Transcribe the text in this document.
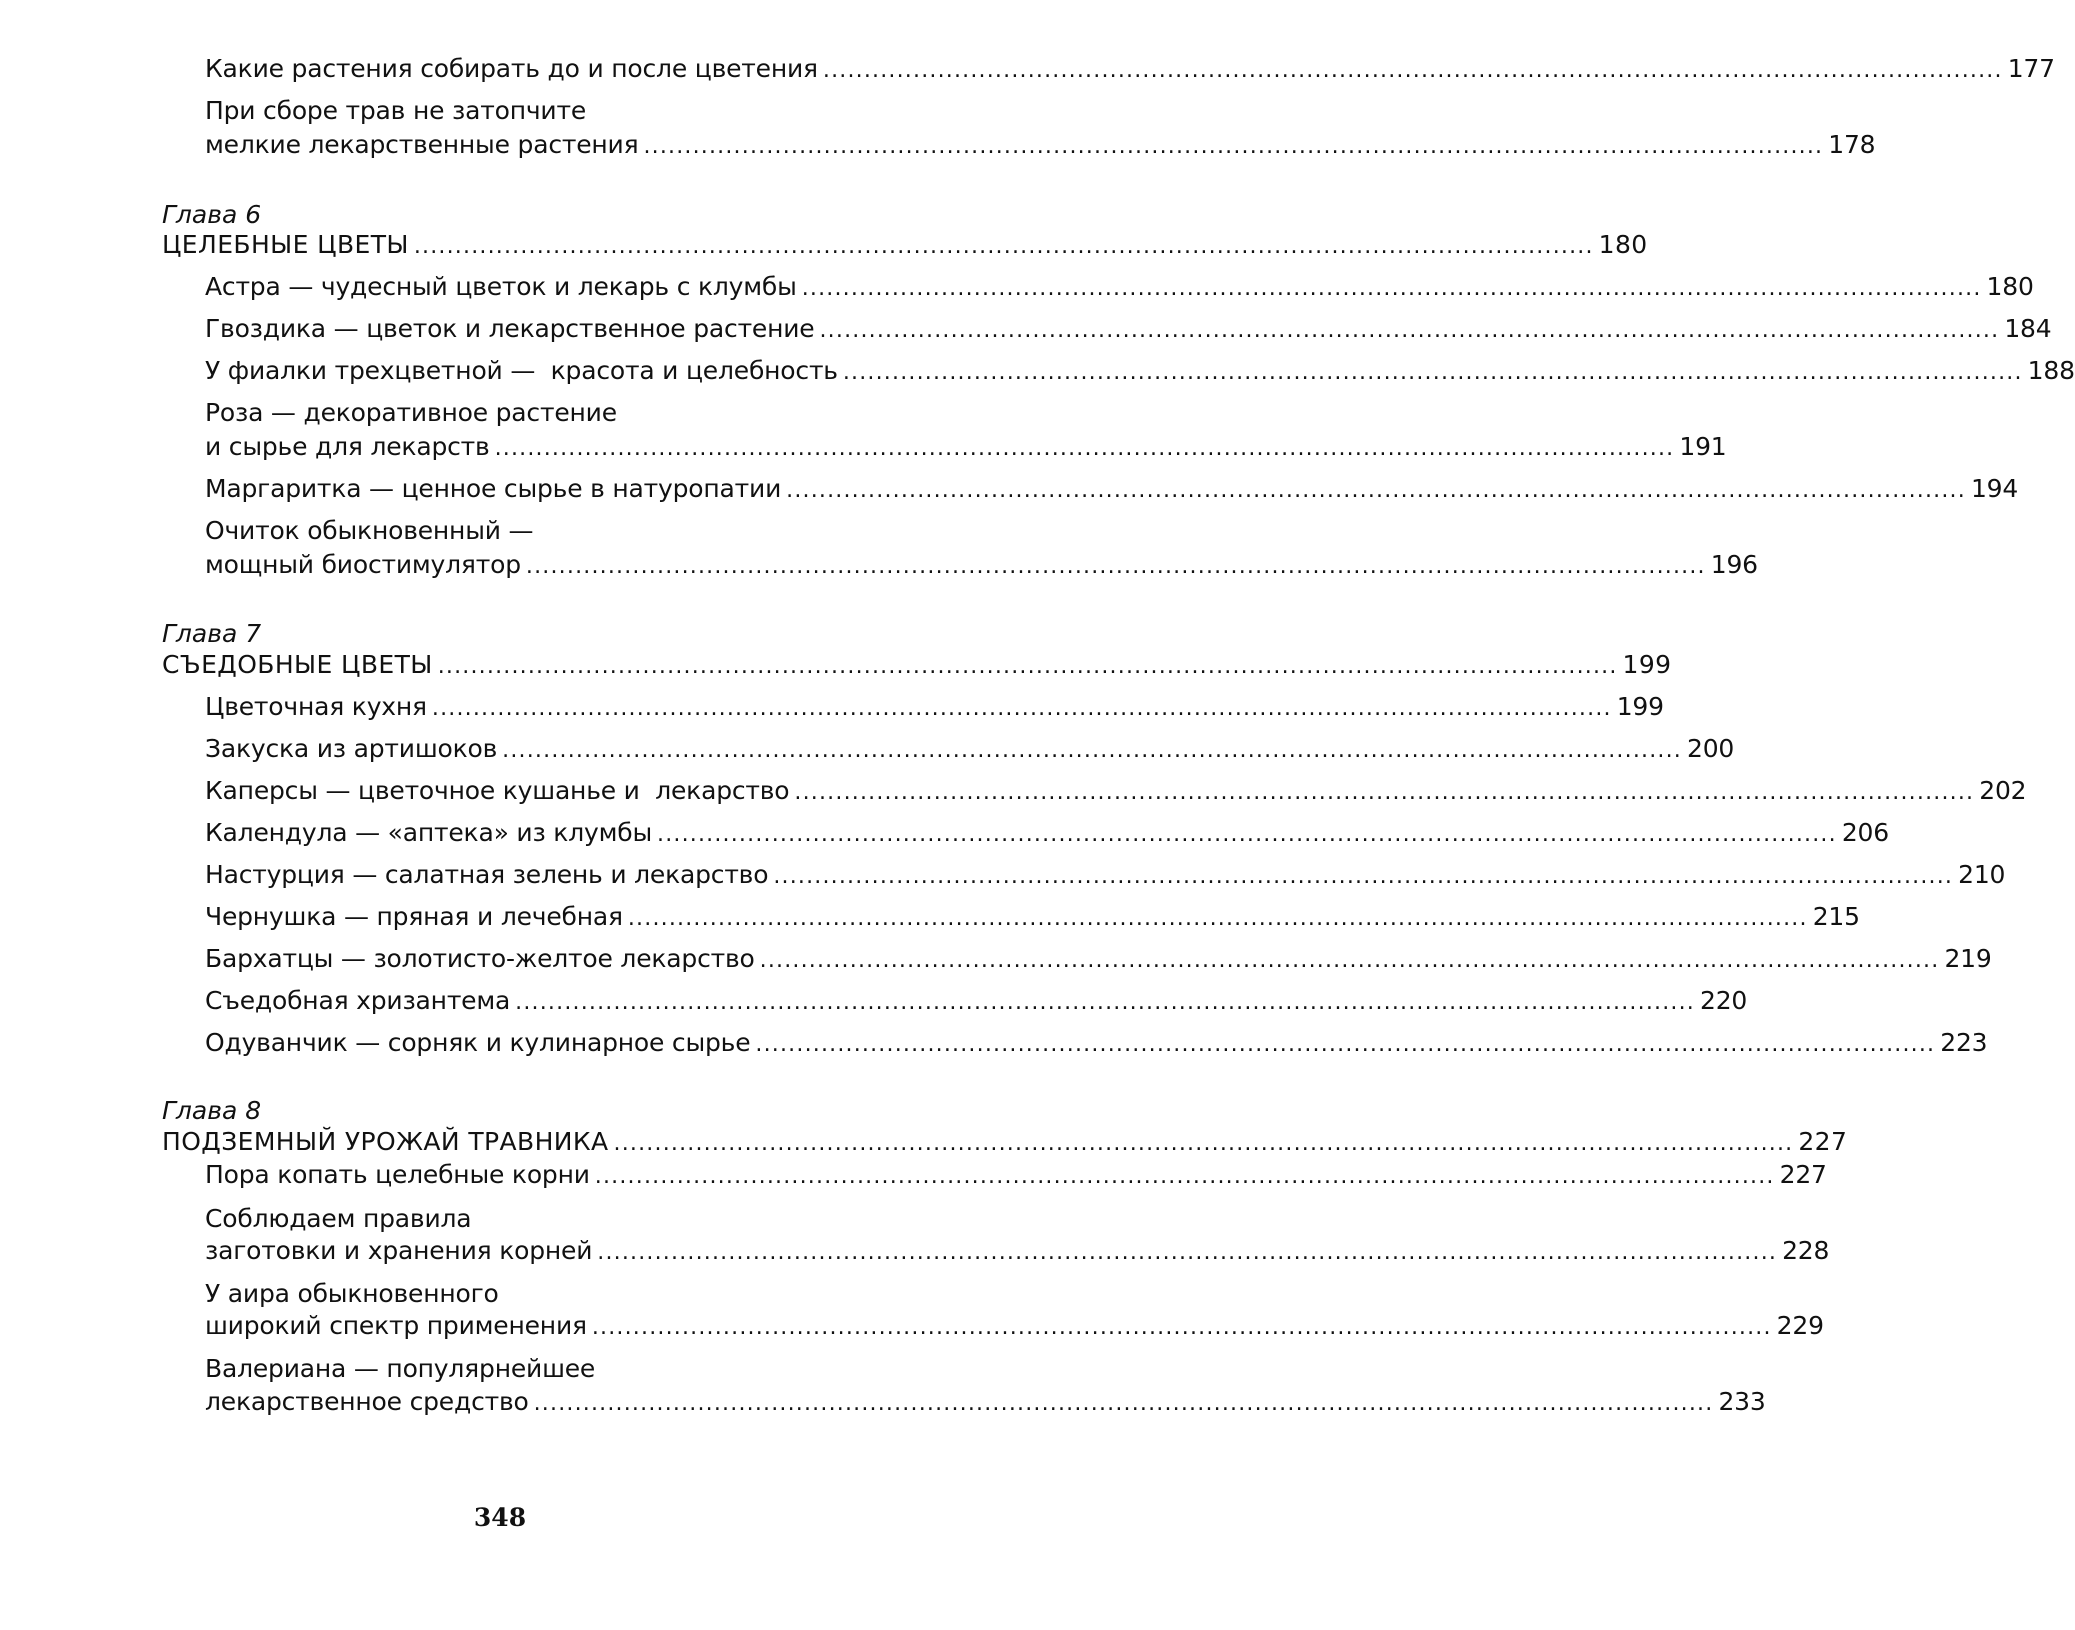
Какие растения собирать до и после цветения ................................................................................................................................................ 177
При сборе трав не затопчите
мелкие лекарственные растения ................................................................................................................................................ 178
Глава 6
ЦЕЛЕБНЫЕ ЦВЕТЫ ................................................................................................................................................ 180
Астра — чудесный цветок и лекарь с клумбы ................................................................................................................................................ 180
Гвоздика — цветок и лекарственное растение ................................................................................................................................................ 184
У фиалки трехцветной —  красота и целебность ................................................................................................................................................ 188
Роза — декоративное растение
и сырье для лекарств ................................................................................................................................................ 191
Маргаритка — ценное сырье в натуропатии ................................................................................................................................................ 194
Очиток обыкновенный —
мощный биостимулятор ................................................................................................................................................ 196
Глава 7
СЪЕДОБНЫЕ ЦВЕТЫ ................................................................................................................................................ 199
Цветочная кухня ................................................................................................................................................ 199
Закуска из артишоков ................................................................................................................................................ 200
Каперсы — цветочное кушанье и  лекарство ................................................................................................................................................ 202
Календула — «аптека» из клумбы ................................................................................................................................................ 206
Настурция — салатная зелень и лекарство ................................................................................................................................................ 210
Чернушка — пряная и лечебная ................................................................................................................................................ 215
Бархатцы — золотисто-желтое лекарство ................................................................................................................................................ 219
Съедобная хризантема ................................................................................................................................................ 220
Одуванчик — сорняк и кулинарное сырье ................................................................................................................................................ 223
Глава 8
ПОДЗЕМНЫЙ УРОЖАЙ ТРАВНИКА ................................................................................................................................................ 227
Пора копать целебные корни ................................................................................................................................................ 227
Соблюдаем правила
заготовки и хранения корней ................................................................................................................................................ 228
У аира обыкновенного
широкий спектр применения ................................................................................................................................................ 229
Валериана — популярнейшее
лекарственное средство ................................................................................................................................................ 233
348
